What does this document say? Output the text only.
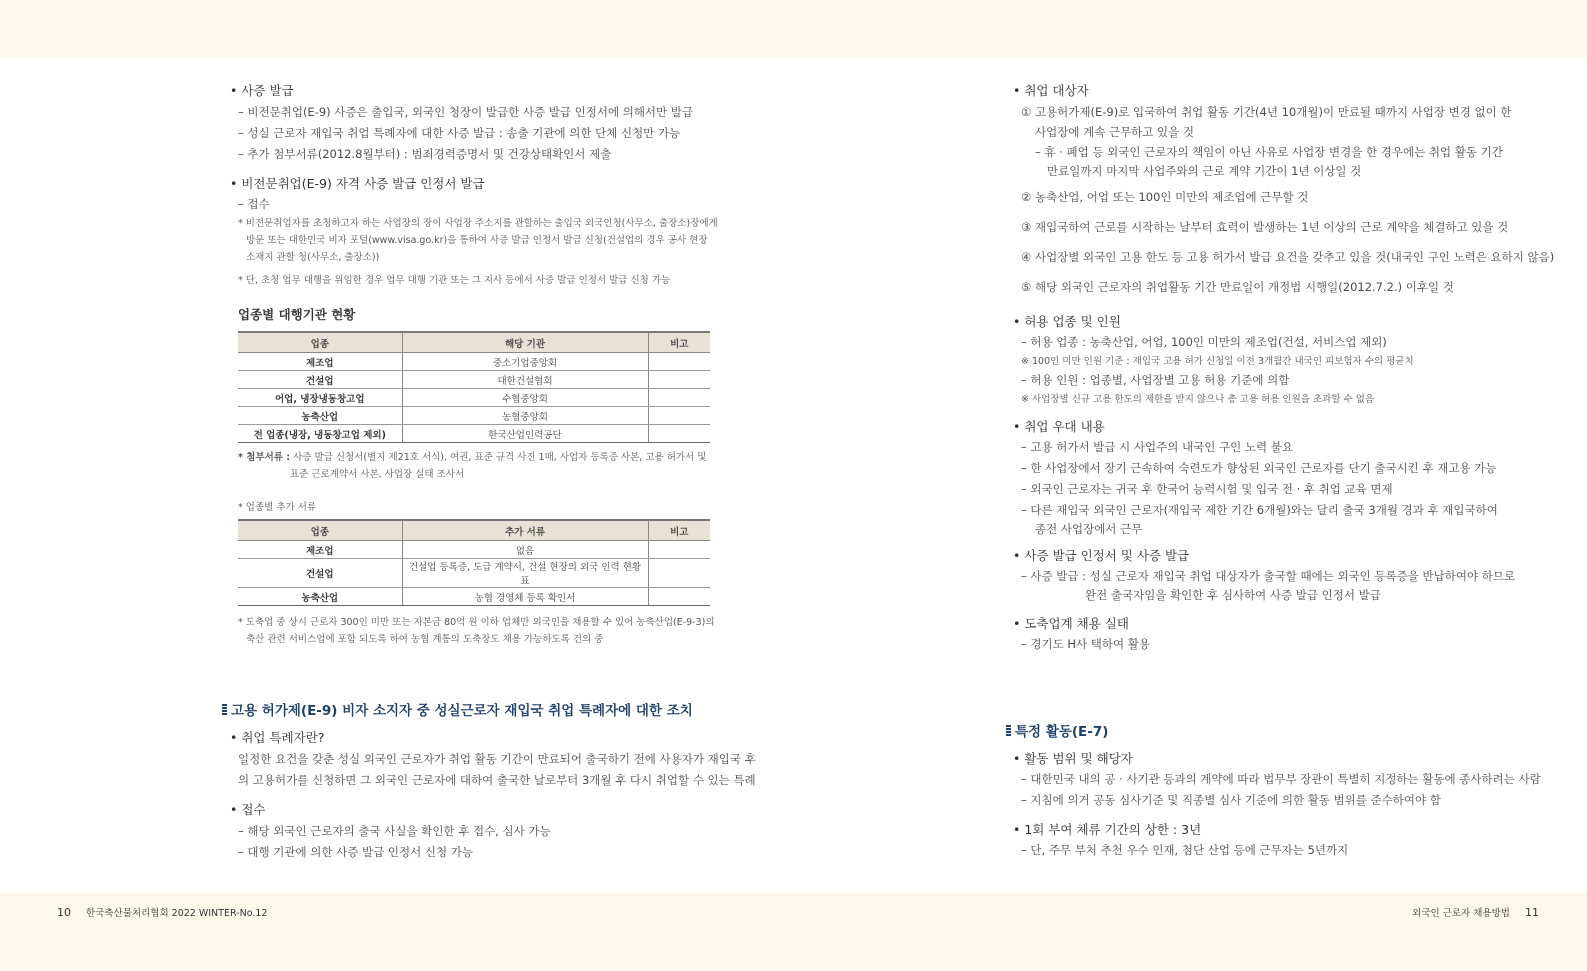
• 사증 발급

– 비전문취업(E-9) 사증은 출입국, 외국인 청장이 발급한 사증 발급 인정서에 의해서만 발급
– 성실 근로자 재입국 취업 특례자에 대한 사증 발급 : 송출 기관에 의한 단체 신청만 가능
– 추가 첨부서류(2012.8월부터) : 범죄경력증명서 및 건강상태확인서 제출

• 비전문취업(E-9) 자격 사증 발급 인정서 발급

– 접수
* 비전문취업자를 초청하고자 하는 사업장의 장이 사업장 주소지를 관할하는 출입국 외국인청(사무소, 출장소)장에게
방문 또는 대한민국 비자 포털(www.visa.go.kr)을 통하여 사증 발급 인정서 발급 신청(건설업의 경우 공사 현장
소재지 관할 청(사무소, 출장소))
* 단, 초청 업무 대행을 위임한 경우 업무 대행 기관 또는 그 지사 등에서 사증 발급 인정서 발급 신청 가능

업종별 대행기관 현황

업종	해당 기관	비고
제조업	중소기업중앙회	
건설업	대한건설협회	
어업, 냉장냉동창고업	수협중앙회	
농축산업	농협중앙회	
전 업종(냉장, 냉동창고업 제외)	한국산업인력공단	
* 첨부서류 : 사증 발급 신청서(별지 제21호 서식), 여권, 표준 규격 사진 1매, 사업자 등록증 사본, 고용 허가서 및
표준 근로계약서 사본, 사업장 실태 조사서
* 업종별 추가 서류
업종	추가 서류	비고
제조업	없음	
건설업	건설업 등록증, 도급 계약서, 건설 현장의 외국 인력 현황표	
농축산업	농협 경영체 등록 확인서	
* 도축업 중 상시 근로자 300인 미만 또는 자본금 80억 원 이하 업체만 외국인을 채용할 수 있어 농축산업(E-9-3)의
축산 관련 서비스업에 포함 되도록 하여 농협 계통의 도축장도 채용 가능하도록 건의 중
고용 허가제(E-9) 비자 소지자 중 성실근로자 재입국 취업 특례자에 대한 조치

• 취업 특례자란?

일정한 요건을 갖춘 성실 외국인 근로자가 취업 활동 기간이 만료되어 출국하기 전에 사용자가 재입국 후
의 고용허가를 신청하면 그 외국인 근로자에 대하여 출국한 날로부터 3개월 후 다시 취업할 수 있는 특례

• 접수

– 해당 외국인 근로자의 출국 사실을 확인한 후 접수, 심사 가능
– 대행 기관에 의한 사증 발급 인정서 신청 가능

• 취업 대상자

① 고용허가제(E-9)로 입국하여 취업 활동 기간(4년 10개월)이 만료될 때까지 사업장 변경 없이 한
사업장에 계속 근무하고 있을 것
– 휴 · 폐업 등 외국인 근로자의 책임이 아닌 사유로 사업장 변경을 한 경우에는 취업 활동 기간
만료일까지 마지막 사업주와의 근로 계약 기간이 1년 이상일 것
② 농축산업, 어업 또는 100인 미만의 제조업에 근무할 것
③ 재입국하여 근로를 시작하는 날부터 효력이 발생하는 1년 이상의 근로 계약을 체결하고 있을 것
④ 사업장별 외국인 고용 한도 등 고용 허가서 발급 요건을 갖추고 있을 것(내국인 구인 노력은 요하지 않음)
⑤ 해당 외국인 근로자의 취업활동 기간 만료일이 개정법 시행일(2012.7.2.) 이후일 것

• 허용 업종 및 인원

– 허용 업종 : 농축산업, 어업, 100인 미만의 제조업(건설, 서비스업 제외)
※ 100인 미만 인원 기준 : 재입국 고용 허가 신청일 이전 3개월간 내국인 피보험자 수의 평균치
– 허용 인원 : 업종별, 사업장별 고용 허용 기준에 의함
※ 사업장별 신규 고용 한도의 제한을 받지 않으나 총 고용 허용 인원을 초과할 수 없음

• 취업 우대 내용

– 고용 허가서 발급 시 사업주의 내국인 구인 노력 불요
– 한 사업장에서 장기 근속하여 숙련도가 향상된 외국인 근로자를 단기 출국시킨 후 재고용 가능
– 외국인 근로자는 귀국 후 한국어 능력시험 및 입국 전 · 후 취업 교육 면제
– 다른 재입국 외국인 근로자(재입국 제한 기간 6개월)와는 달리 출국 3개월 경과 후 재입국하여
종전 사업장에서 근무

• 사증 발급 인정서 및 사증 발급

– 사증 발급 : 성실 근로자 재입국 취업 대상자가 출국할 때에는 외국인 등록증을 반납하여야 하므로
완전 출국자임을 확인한 후 심사하여 사증 발급 인정서 발급

• 도축업계 채용 실태

– 경기도 H사 택하여 활용
특정 활동(E-7)

• 활동 범위 및 해당자

– 대한민국 내의 공 · 사기관 등과의 계약에 따라 법무부 장관이 특별히 지정하는 활동에 종사하려는 사람
– 지침에 의거 공동 심사기준 및 직종별 심사 기준에 의한 활동 범위를 준수하여야 함

• 1회 부여 체류 기간의 상한 : 3년

– 단, 주무 부처 추천 우수 인재, 첨단 산업 등에 근무자는 5년까지
10 한국축산물처리협회 2022 WINTER-No.12	외국인 근로자 채용방법 11
